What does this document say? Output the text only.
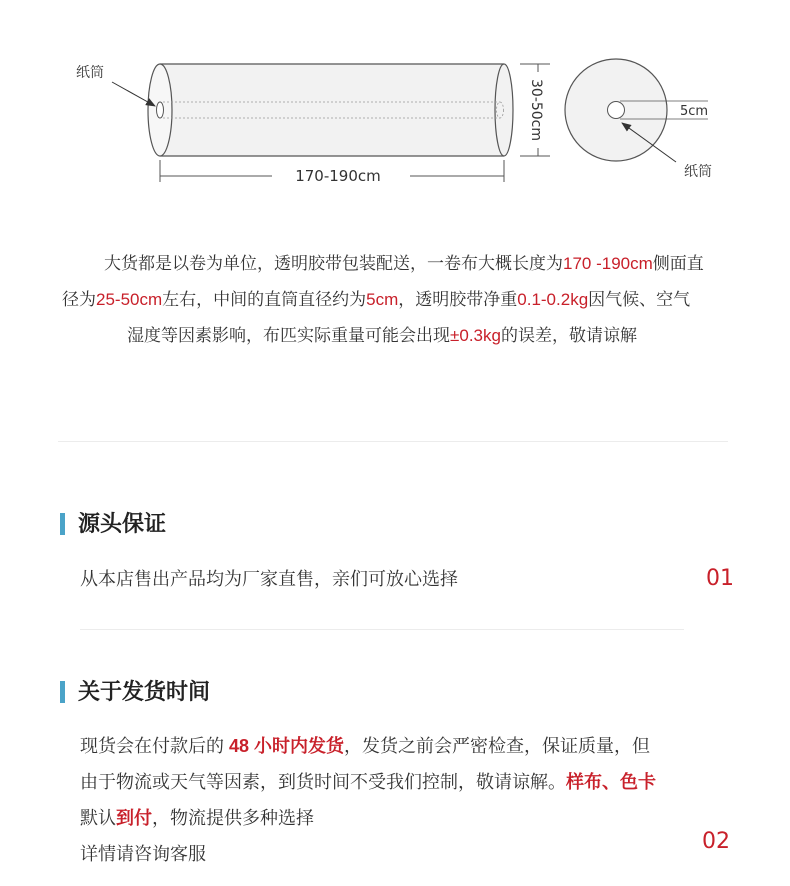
纸筒
170-190cm
30-50cm	5cm
纸筒

大货都是以卷为单位，透明胶带包装配送，一卷布大概长度为170 -190cm侧面直

径为25-50cm左右，中间的直筒直径约为5cm，透明胶带净重0.1-0.2kg因气候、空气

湿度等因素影响，布匹实际重量可能会出现±0.3kg的误差，敬请谅解

源头保证
从本店售出产品均为厂家直售，亲们可放心选择	01
关于发货时间
现货会在付款后的 48 小时内发货，发货之前会严密检查，保证质量，但
由于物流或天气等因素，到货时间不受我们控制，敬请谅解。样布、色卡
默认到付，物流提供多种选择
详情请咨询客服	02
